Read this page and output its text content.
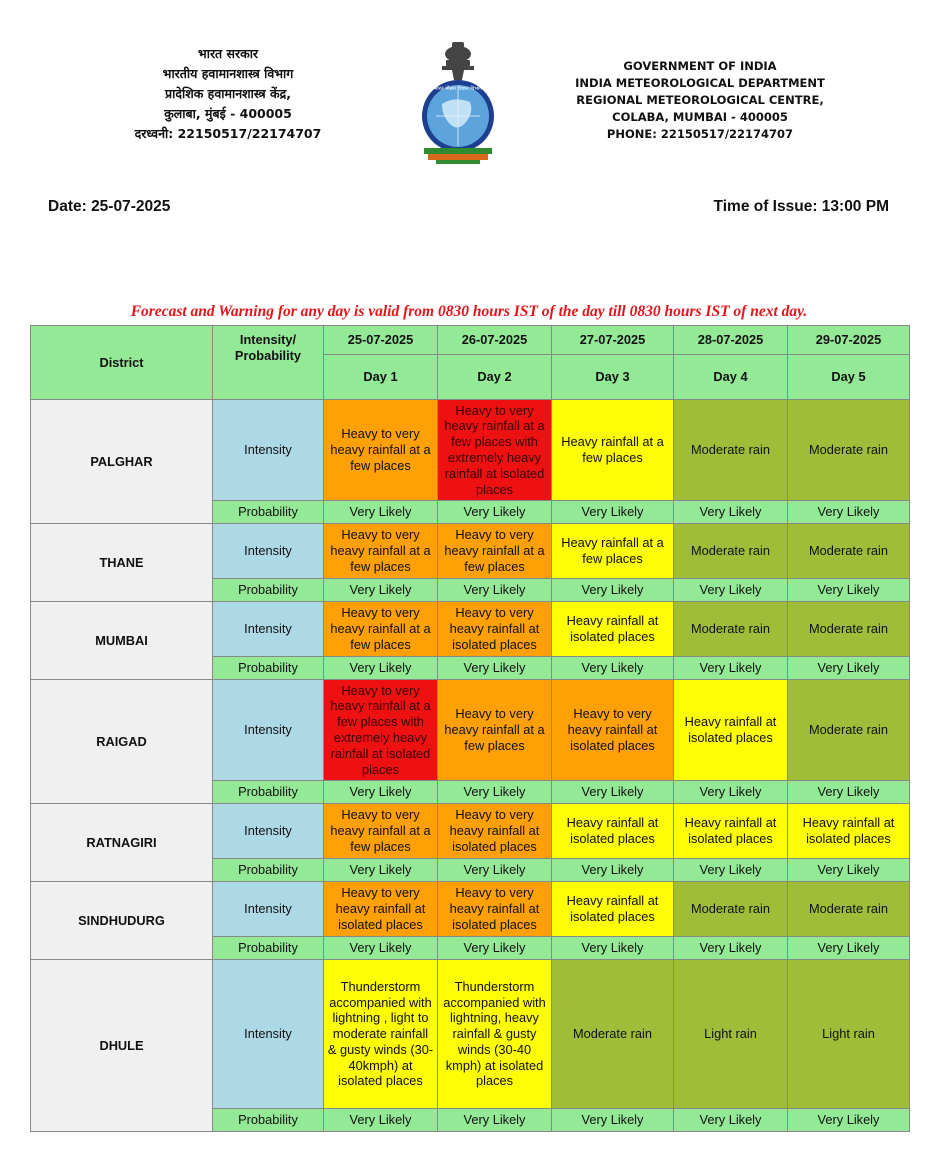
भारत सरकार
भारतीय हवामानशास्त्र विभाग
प्रादेशिक हवामानशास्त्र केंद्र,
कुलाबा, मुंबई - 400005
दरध्वनी: 22150517/22174707
भारत मौसम विज्ञान विभाग
GOVERNMENT OF INDIA
INDIA METEOROLOGICAL DEPARTMENT
REGIONAL METEOROLOGICAL CENTRE,
COLABA, MUMBAI - 400005
PHONE: 22150517/22174707
Date: 25-07-2025	Time of Issue: 13:00 PM
Forecast and Warning for any day is valid from 0830 hours IST of the day till 0830 hours IST of next day.
District	Intensity/ Probability	25-07-2025	26-07-2025	27-07-2025	28-07-2025	29-07-2025
		Day 1	Day 2	Day 3	Day 4	Day 5
PALGHAR	Intensity	Heavy to very heavy rainfall at a few places	Heavy to very heavy rainfall at a few places with extremely heavy rainfall at isolated places	Heavy rainfall at a few places	Moderate rain	Moderate rain
	Probability	Very Likely	Very Likely	Very Likely	Very Likely	Very Likely
THANE	Intensity	Heavy to very heavy rainfall at a few places	Heavy to very heavy rainfall at a few places	Heavy rainfall at a few places	Moderate rain	Moderate rain
	Probability	Very Likely	Very Likely	Very Likely	Very Likely	Very Likely
MUMBAI	Intensity	Heavy to very heavy rainfall at a few places	Heavy to very heavy rainfall at isolated places	Heavy rainfall at isolated places	Moderate rain	Moderate rain
	Probability	Very Likely	Very Likely	Very Likely	Very Likely	Very Likely
RAIGAD	Intensity	Heavy to very heavy rainfall at a few places with extremely heavy rainfall at isolated places	Heavy to very heavy rainfall at a few places	Heavy to very heavy rainfall at isolated places	Heavy rainfall at isolated places	Moderate rain
	Probability	Very Likely	Very Likely	Very Likely	Very Likely	Very Likely
RATNAGIRI	Intensity	Heavy to very heavy rainfall at a few places	Heavy to very heavy rainfall at isolated places	Heavy rainfall at isolated places	Heavy rainfall at isolated places	Heavy rainfall at isolated places
	Probability	Very Likely	Very Likely	Very Likely	Very Likely	Very Likely
SINDHUDURG	Intensity	Heavy to very heavy rainfall at isolated places	Heavy to very heavy rainfall at isolated places	Heavy rainfall at isolated places	Moderate rain	Moderate rain
	Probability	Very Likely	Very Likely	Very Likely	Very Likely	Very Likely
DHULE	Intensity	Thunderstorm accompanied with lightning , light to moderate rainfall & gusty winds (30-40kmph) at isolated places	Thunderstorm accompanied with lightning, heavy rainfall & gusty winds (30-40 kmph) at isolated places	Moderate rain	Light rain	Light rain
	Probability	Very Likely	Very Likely	Very Likely	Very Likely	Very Likely
